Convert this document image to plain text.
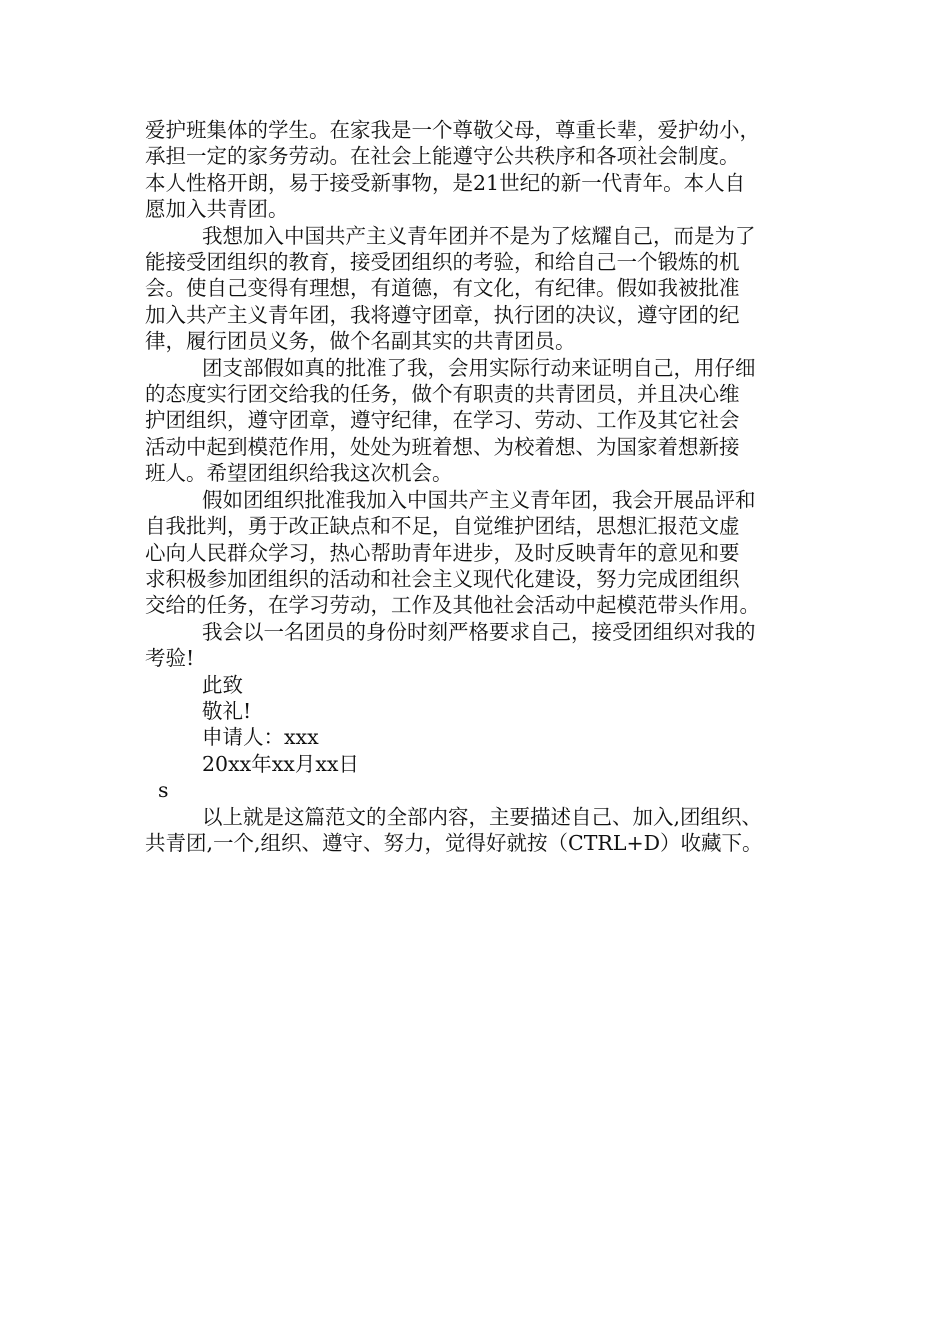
爱护班集体的学生。在家我是一个尊敬父母，尊重长辈，爱护幼小，
承担一定的家务劳动。在社会上能遵守公共秩序和各项社会制度。
本人性格开朗，易于接受新事物，是21世纪的新一代青年。本人自
愿加入共青团。

我想加入中国共产主义青年团并不是为了炫耀自己，而是为了
能接受团组织的教育，接受团组织的考验，和给自己一个锻炼的机
会。使自己变得有理想，有道德，有文化，有纪律。假如我被批准
加入共产主义青年团，我将遵守团章，执行团的决议，遵守团的纪
律，履行团员义务，做个名副其实的共青团员。

团支部假如真的批准了我，会用实际行动来证明自己，用仔细
的态度实行团交给我的任务，做个有职责的共青团员，并且决心维
护团组织，遵守团章，遵守纪律，在学习、劳动、工作及其它社会
活动中起到模范作用，处处为班着想、为校着想、为国家着想新接
班人。希望团组织给我这次机会。

假如团组织批准我加入中国共产主义青年团，我会开展品评和
自我批判，勇于改正缺点和不足，自觉维护团结，思想汇报范文虚
心向人民群众学习，热心帮助青年进步，及时反映青年的意见和要
求积极参加团组织的活动和社会主义现代化建设，努力完成团组织
交给的任务，在学习劳动，工作及其他社会活动中起模范带头作用。

我会以一名团员的身份时刻严格要求自己，接受团组织对我的
考验!

此致

敬礼!

申请人：xxx

20xx年xx月xx日

s

以上就是这篇范文的全部内容，主要描述自己、加入,团组织、
共青团,一个,组织、遵守、努力，觉得好就按（CTRL+D）收藏下。
